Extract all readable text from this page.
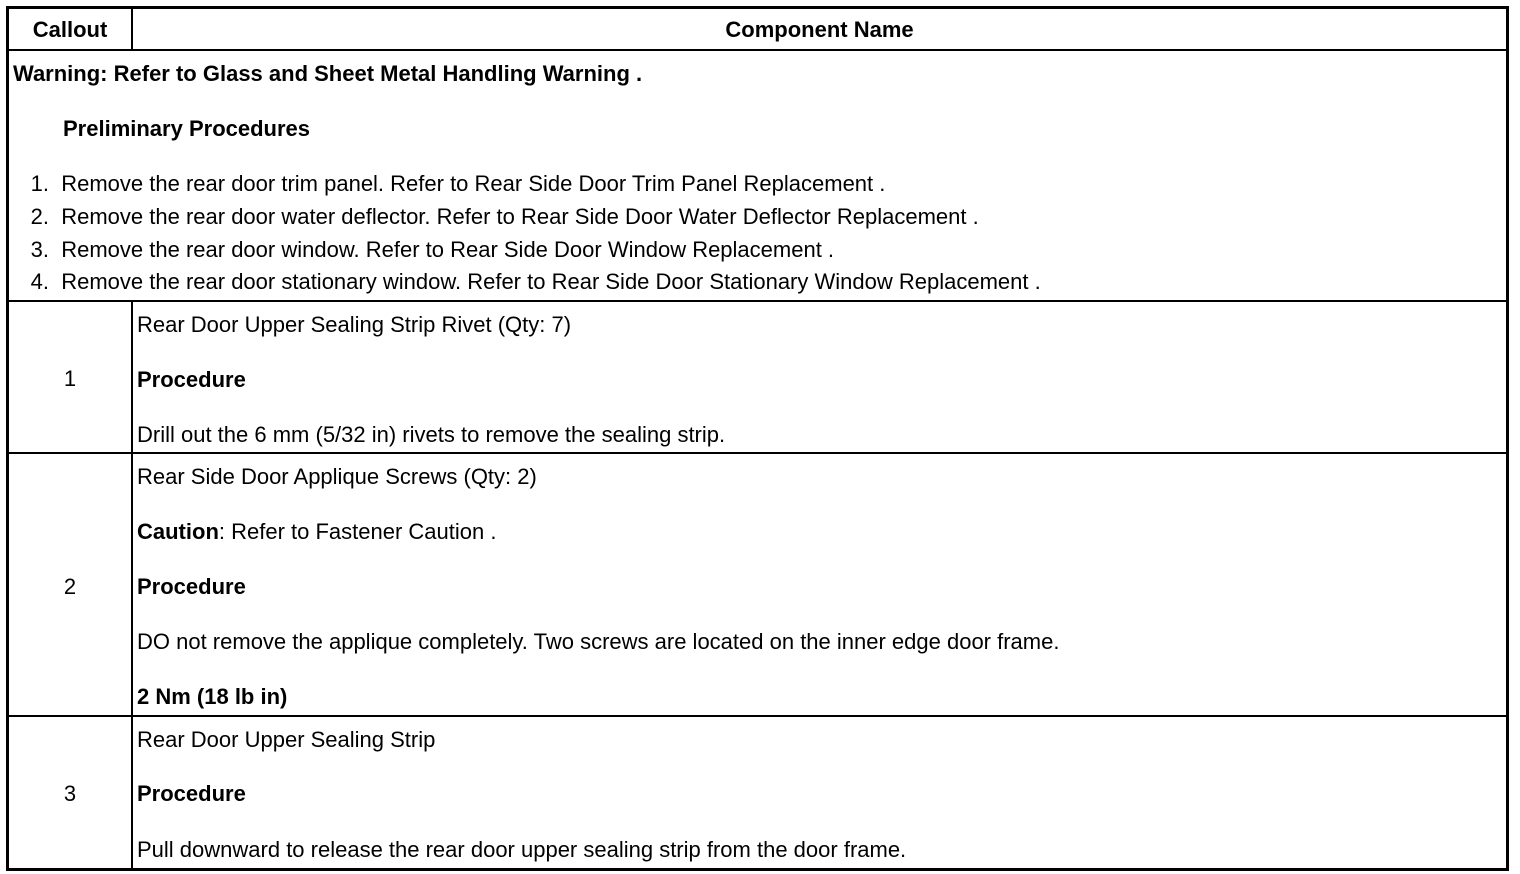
Callout	Component Name
Warning: Refer to Glass and Sheet Metal Handling Warning .
Preliminary Procedures
1. Remove the rear door trim panel. Refer to Rear Side Door Trim Panel Replacement .
2. Remove the rear door water deflector. Refer to Rear Side Door Water Deflector Replacement .
3. Remove the rear door window. Refer to Rear Side Door Window Replacement .
4. Remove the rear door stationary window. Refer to Rear Side Door Stationary Window Replacement .
1
Rear Door Upper Sealing Strip Rivet (Qty: 7)
Procedure
Drill out the 6 mm (5/32 in) rivets to remove the sealing strip.
2
Rear Side Door Applique Screws (Qty: 2)
Caution: Refer to Fastener Caution .
Procedure
DO not remove the applique completely. Two screws are located on the inner edge door frame.
2 Nm (18 lb in)
3
Rear Door Upper Sealing Strip
Procedure
Pull downward to release the rear door upper sealing strip from the door frame.
